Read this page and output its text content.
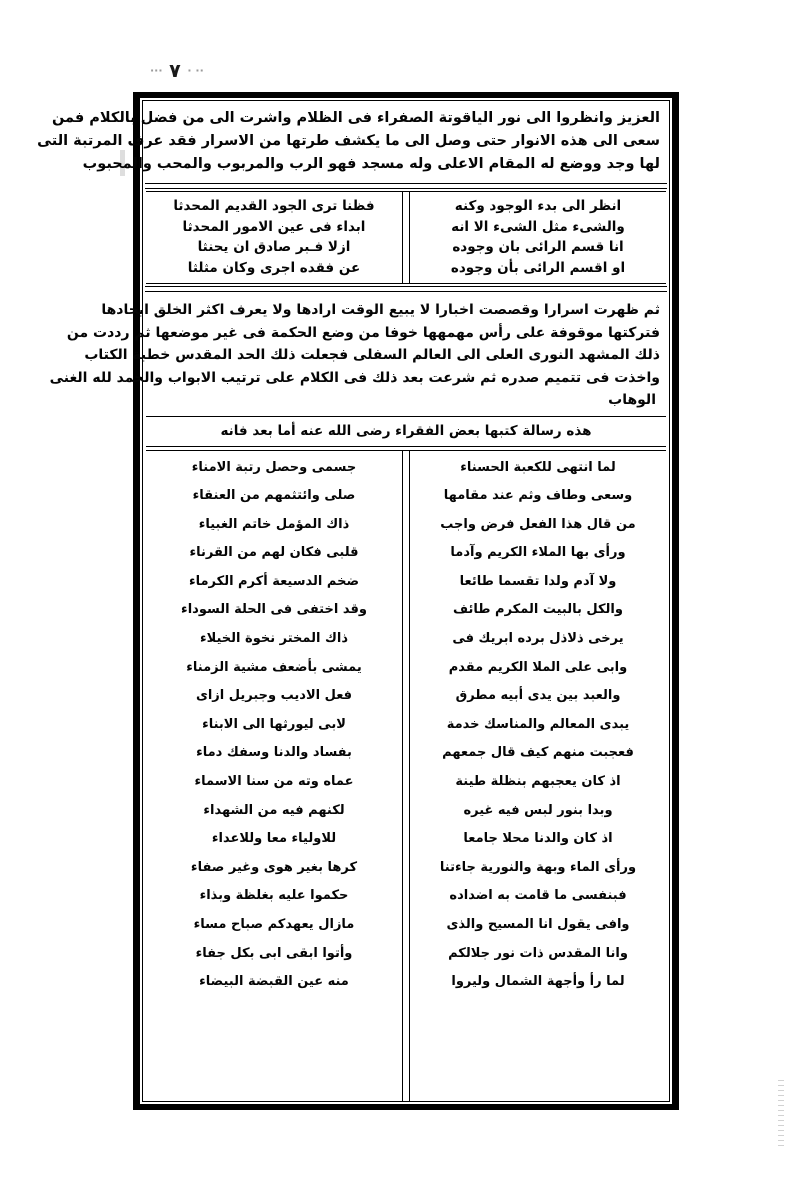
·· · ٧ ···
العزيز وانظروا الى نور الياقوتة الصفراء فى الظلام واشرت الى من فضل بالكلام فمن
سعى الى هذه الانوار حتى وصل الى ما يكشف طرتها من الاسرار فقد عرف المرتبة التى
لها وجد ووضع له المقام الاعلى وله مسجد فهو الرب والمربوب والمحب والمحبوب
انظر الى بدء الوجود وكنه
والشىء مثل الشىء الا انه
انا قسم الرائى بان وجوده
او اقسم الرائى بأن وجوده
فظنا ترى الجود القديم المحدثا
ابداء فى عين الامور المحدثا
ازلا فـبر صادق ان يحنثا
عن فقده اجرى وكان مثلثا
ثم ظهرت اسرارا وقصصت اخبارا لا يبيع الوقت ارادها ولا يعرف اكثر الخلق ايجادها
فتركتها موقوفة على رأس مهمهها خوفا من وضع الحكمة فى غير موضعها ثم رددت من
ذلك المشهد النورى العلى الى العالم السفلى فجعلت ذلك الحد المقدس خطبة الكتاب
واخذت فى تتميم صدره ثم شرعت بعد ذلك فى الكلام على ترتيب الابواب والحمد لله الغنى
الوهاب
هذه رسالة كتبها بعض الفقراء رضى الله عنه أما بعد فانه
لما انتهى للكعبة الحسناء
وسعى وطاف وثم عند مقامها
من قال هذا الفعل فرض واجب
ورأى بها الملاء الكريم وآدما
ولا آدم ولدا تقسما طائعا
والكل بالبيت المكرم طائف
يرخى ذلاذل برده ابريك فى
وابى على الملا الكريم مقدم
والعبد بين يدى أبيه مطرق
يبدى المعالم والمناسك خدمة
فعجبت منهم كيف قال جمعهم
اذ كان يعجبهم بنظلة طينة
وبدا بنور لبس فيه غيره
اذ كان والدنا محلا جامعا
ورأى الماء وبهة والنورية جاءتنا
فبنفسى ما قامت به اضداده
وافى يقول انا المسيح والذى
وانا المقدس ذات نور جلالكم
لما رأ وأجهة الشمال وليروا
جسمى وحصل رتبة الامناء
صلى وائتثمهم من العنقاء
ذاك المؤمل خاتم الغبياء
قلبى فكان لهم من القرناء
ضخم الدسيعة أكرم الكرماء
وقد اختفى فى الحلة السوداء
ذاك المختر نخوة الخيلاء
يمشى بأضعف مشية الزمناء
فعل الاديب وجبريل ازاى
لابى ليورثها الى الابناء
بفساد والدنا وسفك دماء
عماه وته من سنا الاسماء
لكنهم فيه من الشهداء
للاولياء معا وللاعداء
كرها بغير هوى وغير صفاء
حكموا عليه بغلظة وبذاء
مازال يعهدكم صباح مساء
وأتوا ابقى ابى بكل جفاء
منه عين القبضة البيضاء
